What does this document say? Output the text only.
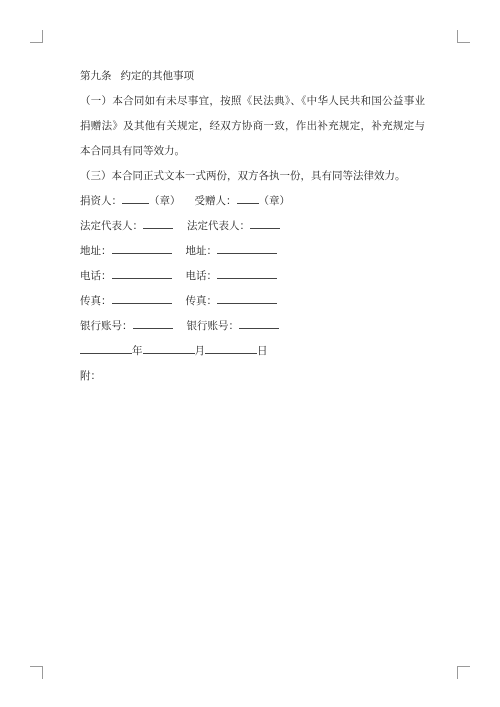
第九条 约定的其他事项

（一）本合同如有未尽事宜，按照《民法典》、《中华人民共和国公益事业捐赠法》及其他有关规定，经双方协商一致，作出补充规定，补充规定与本合同具有同等效力。

（三）本合同正式文本一式两份，双方各执一份，具有同等法律效力。

捐资人：	（章） 受赠人： （章）

法定代表人：	法定代表人：

地址：	地址：

电话：	电话：

传真：	传真：

银行账号：	银行账号：

年	月	日

附：
